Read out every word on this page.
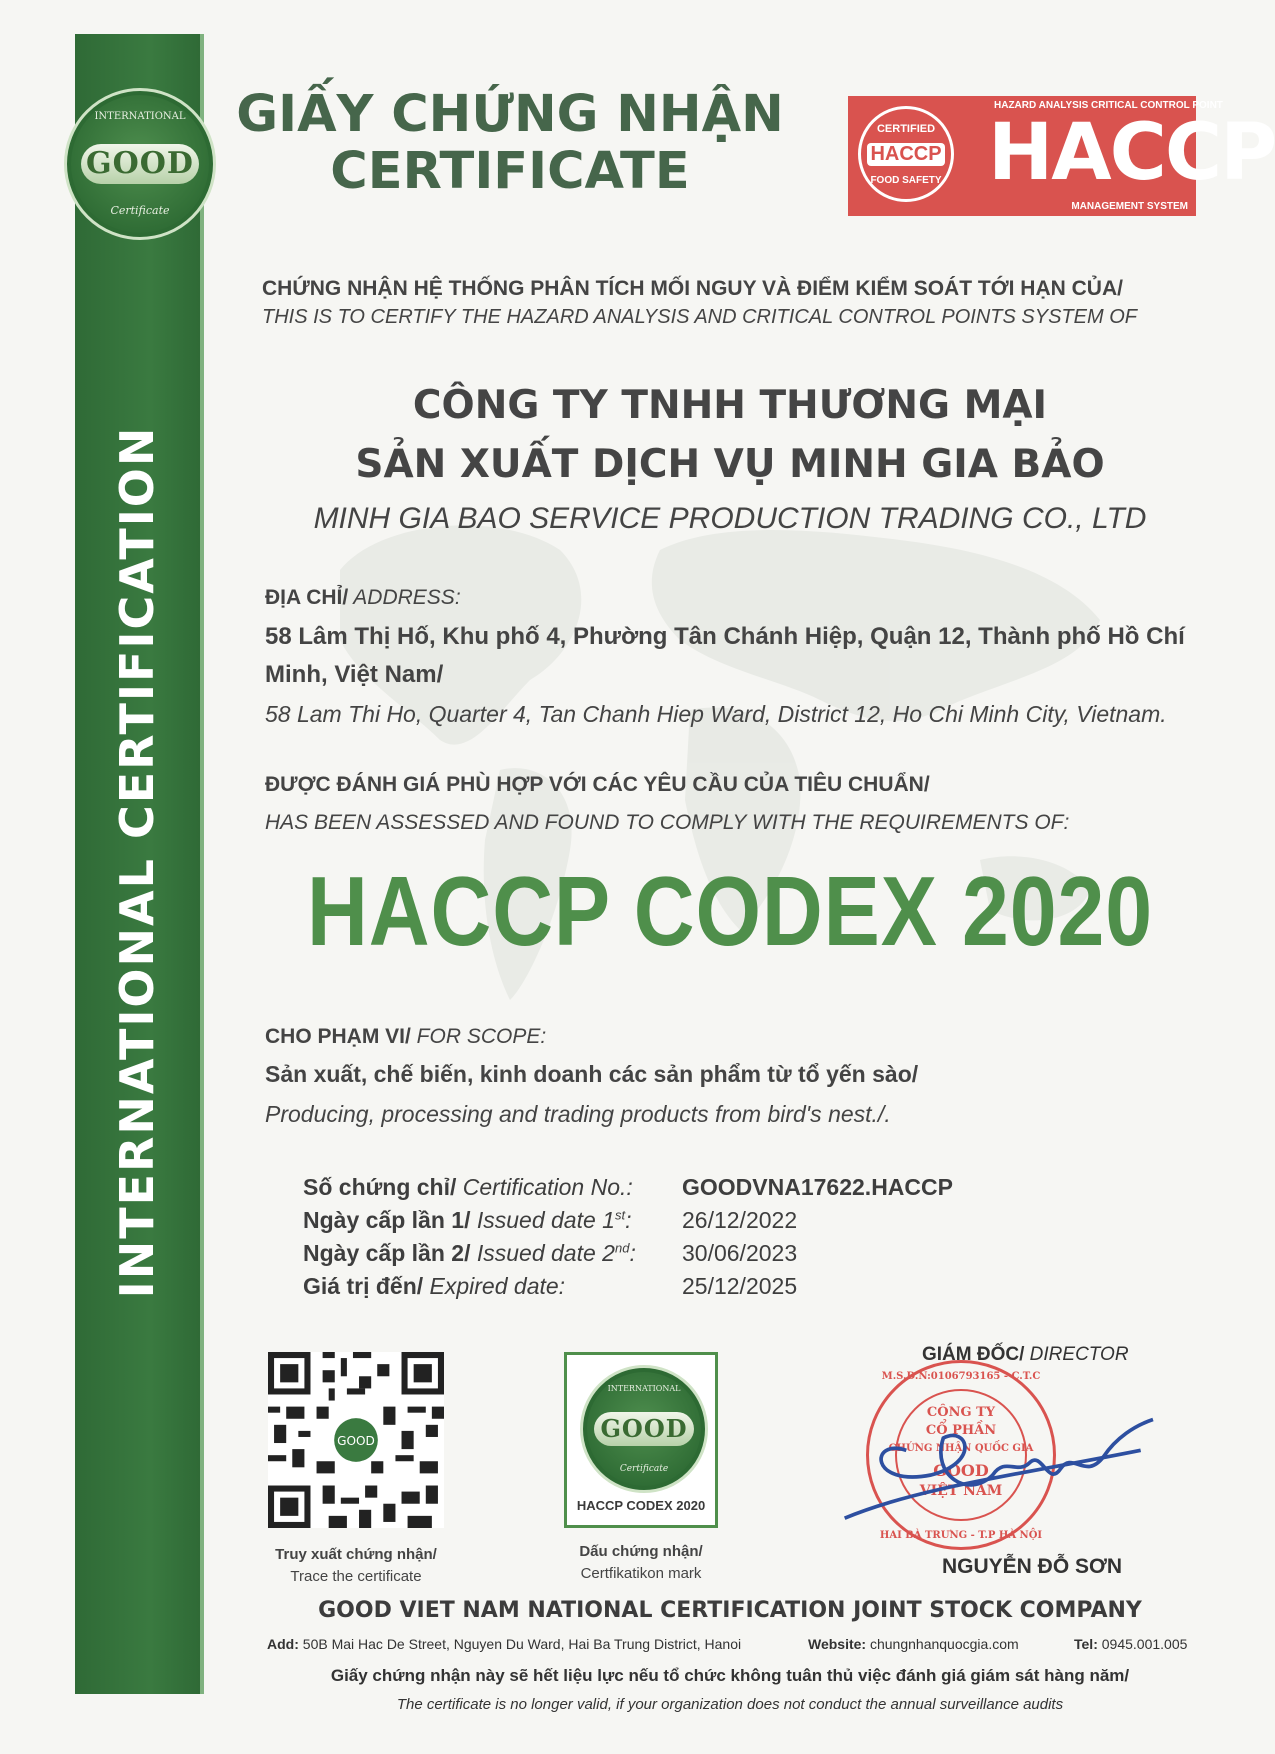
INTERNATIONAL CERTIFICATION
INTERNATIONAL
GOOD
Certificate
GIẤY CHỨNG NHẬN
CERTIFICATE
CERTIFIED
HACCP
FOOD SAFETY
HAZARD ANALYSIS CRITICAL CONTROL POINT
HACCP
MANAGEMENT SYSTEM
CHỨNG NHẬN HỆ THỐNG PHÂN TÍCH MỐI NGUY VÀ ĐIỂM KIỂM SOÁT TỚI HẠN CỦA/
THIS IS TO CERTIFY THE HAZARD ANALYSIS AND CRITICAL CONTROL POINTS SYSTEM OF
CÔNG TY TNHH THƯƠNG MẠI
SẢN XUẤT DỊCH VỤ MINH GIA BẢO
MINH GIA BAO SERVICE PRODUCTION TRADING CO., LTD
ĐỊA CHỈ/ ADDRESS:
58 Lâm Thị Hố, Khu phố 4, Phường Tân Chánh Hiệp, Quận 12, Thành phố Hồ Chí
Minh, Việt Nam/
58 Lam Thi Ho, Quarter 4, Tan Chanh Hiep Ward, District 12, Ho Chi Minh City, Vietnam.
ĐƯỢC ĐÁNH GIÁ PHÙ HỢP VỚI CÁC YÊU CẦU CỦA TIÊU CHUẨN/
HAS BEEN ASSESSED AND FOUND TO COMPLY WITH THE REQUIREMENTS OF:
HACCP CODEX 2020
CHO PHẠM VI/ FOR SCOPE:
Sản xuất, chế biến, kinh doanh các sản phẩm từ tổ yến sào/
Producing, processing and trading products from bird's nest./.
Số chứng chỉ/ Certification No.: GOODVNA17622.HACCP
Ngày cấp lần 1/ Issued date 1st: 26/12/2022
Ngày cấp lần 2/ Issued date 2nd: 30/06/2023
Giá trị đến/ Expired date:	25/12/2025
GOOD
Truy xuất chứng nhận/
Trace the certificate
INTERNATIONAL
GOOD
Certificate
HACCP CODEX 2020
Dấu chứng nhận/
Certfikatikon mark
GIÁM ĐỐC/ DIRECTOR
M.S.D.N:0106793165 - C.T.C
CÔNG TY
CỔ PHẦN
CHỨNG NHẬN QUỐC GIA
GOOD
VIỆT NAM
HAI BÀ TRƯNG - T.P HÀ NỘI
NGUYỄN ĐỖ SƠN
GOOD VIET NAM NATIONAL CERTIFICATION JOINT STOCK COMPANY
Add: 50B Mai Hac De Street, Nguyen Du Ward, Hai Ba Trung District, Hanoi	Website: chungnhanquocgia.com	Tel: 0945.001.005
Giấy chứng nhận này sẽ hết liệu lực nếu tổ chức không tuân thủ việc đánh giá giám sát hàng năm/
The certificate is no longer valid, if your organization does not conduct the annual surveillance audits
